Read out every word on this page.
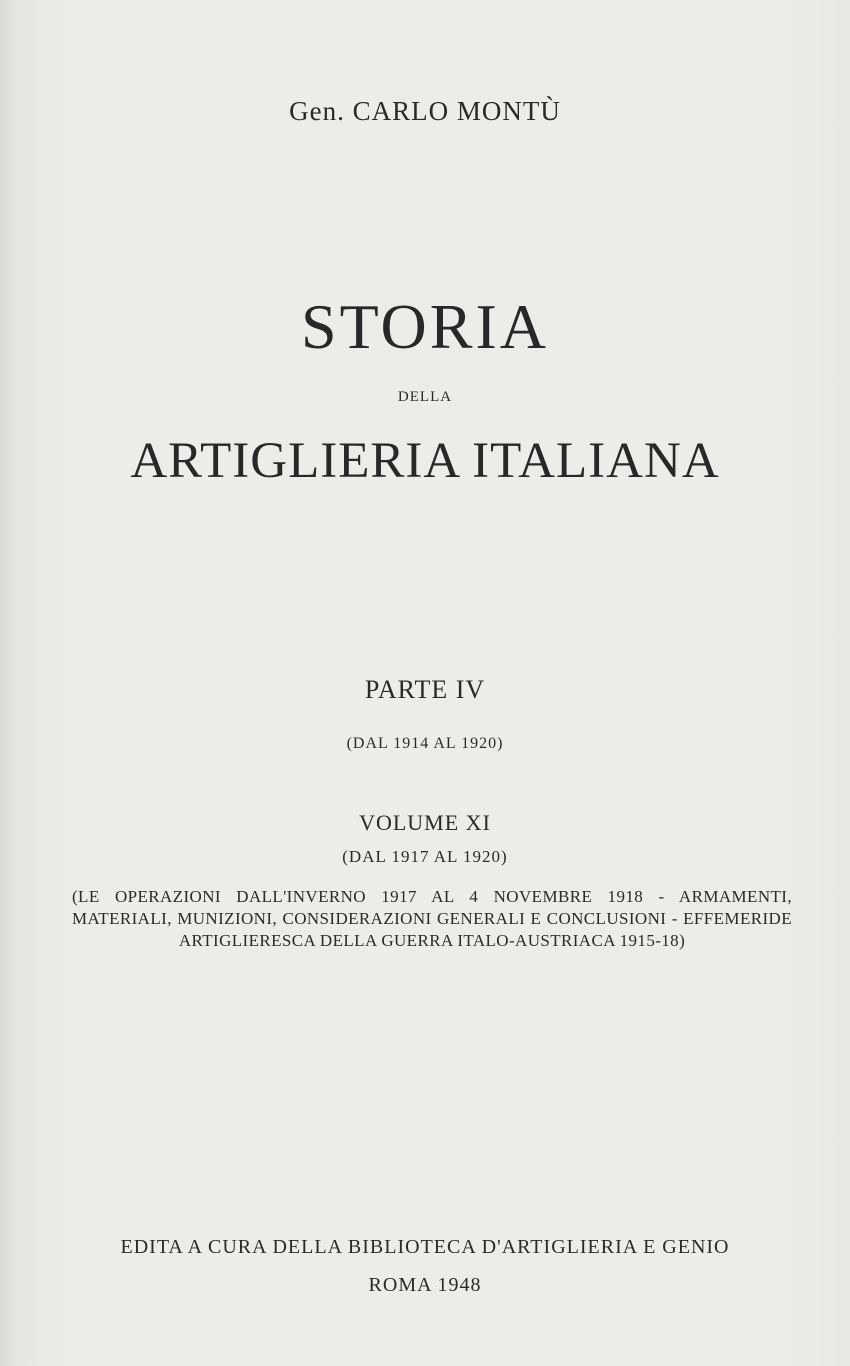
Gen. CARLO MONTÙ

STORIA

DELLA

ARTIGLIERIA ITALIANA

PARTE IV

(DAL 1914 AL 1920)

VOLUME XI

(DAL 1917 AL 1920)

(LE OPERAZIONI DALL'INVERNO 1917 AL 4 NOVEMBRE 1918 - ARMAMENTI, MATERIALI, MUNIZIONI, CONSIDERAZIONI GENERALI E CONCLUSIONI - EFFEMERIDE ARTIGLIERESCA DELLA GUERRA ITALO-AUSTRIACA 1915-18)

EDITA A CURA DELLA BIBLIOTECA D'ARTIGLIERIA E GENIO

ROMA 1948
